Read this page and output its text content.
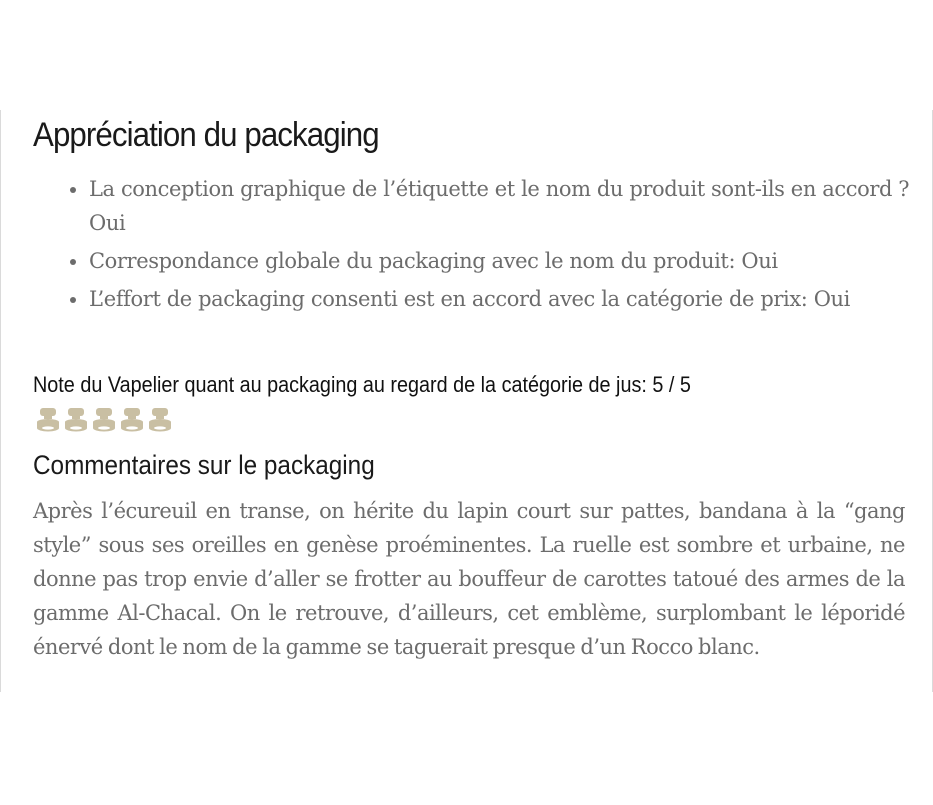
Appréciation du packaging
• La conception graphique de l’étiquette et le nom du produit sont-ils en accord ? Oui
• Correspondance globale du packaging avec le nom du produit: Oui
• L’effort de packaging consenti est en accord avec la catégorie de prix: Oui
Note du Vapelier quant au packaging au regard de la catégorie de jus: 5 / 5
Commentaires sur le packaging

Après l’écureuil en transe, on hérite du lapin court sur pattes, bandana à la “gang style” sous ses oreilles en genèse proéminentes. La ruelle est sombre et urbaine, ne donne pas trop envie d’aller se frotter au bouffeur de carottes tatoué des armes de la gamme Al-Chacal. On le retrouve, d’ailleurs, cet emblème, surplombant le léporidé énervé dont le nom de la gamme se taguerait presque d’un Rocco blanc.
